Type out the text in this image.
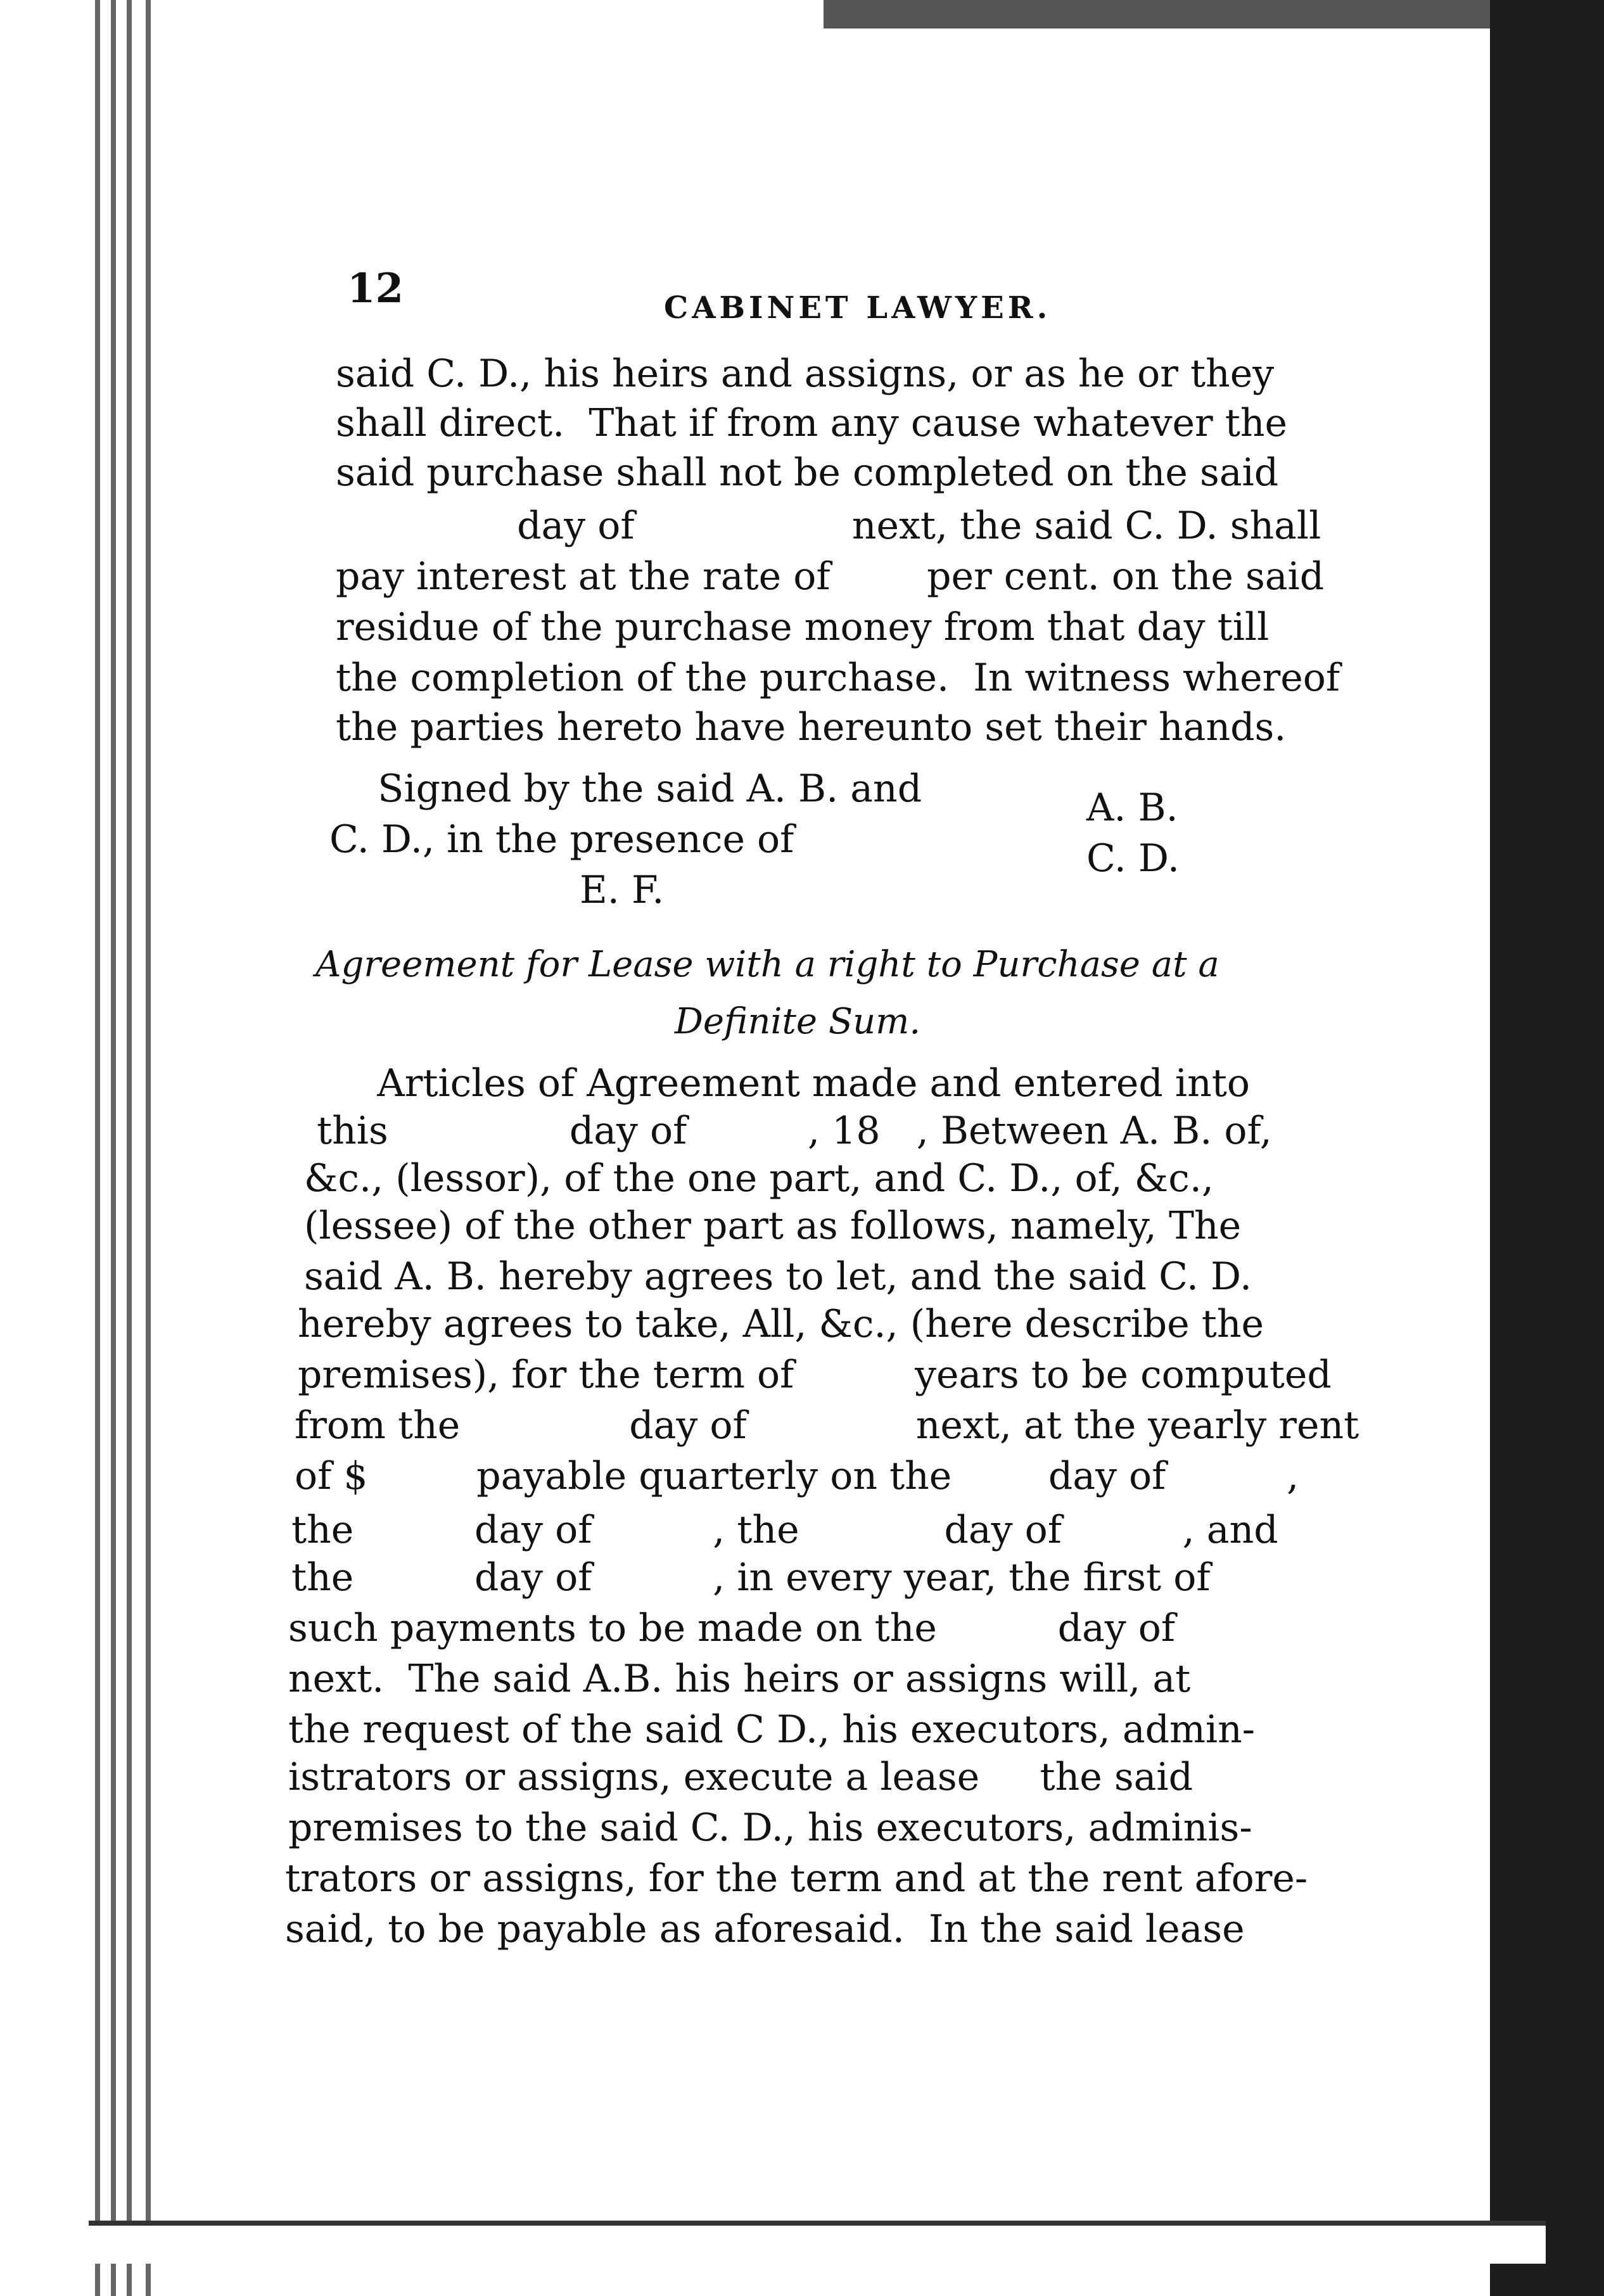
12	CABINET LAWYER.
said C. D., his heirs and assigns, or as he or they
shall direct.  That if from any cause whatever the
said purchase shall not be completed on the said
day of                  next, the said C. D. shall
pay interest at the rate of        per cent. on the said
residue of the purchase money from that day till
the completion of the purchase.  In witness whereof
the parties hereto have hereunto set their hands.
Signed by the said A. B. and
C. D., in the presence of
E. F.
A. B.
C. D.
Agreement for Lease with a right to Purchase at a
Definite Sum.
Articles of Agreement made and entered into
this               day of          , 18   , Between A. B. of,
&c., (lessor), of the one part, and C. D., of, &c.,
(lessee) of the other part as follows, namely, The
said A. B. hereby agrees to let, and the said C. D.
hereby agrees to take, All, &c., (here describe the
premises), for the term of          years to be computed
from the              day of              next, at the yearly rent
of $         payable quarterly on the        day of          ,
the          day of          , the            day of          , and
the          day of          , in every year, the first of
such payments to be made on the          day of
next.  The said A.B. his heirs or assigns will, at
the request of the said C D., his executors, admin-
istrators or assigns, execute a lease     the said
premises to the said C. D., his executors, adminis-
trators or assigns, for the term and at the rent afore-
said, to be payable as aforesaid.  In the said lease
